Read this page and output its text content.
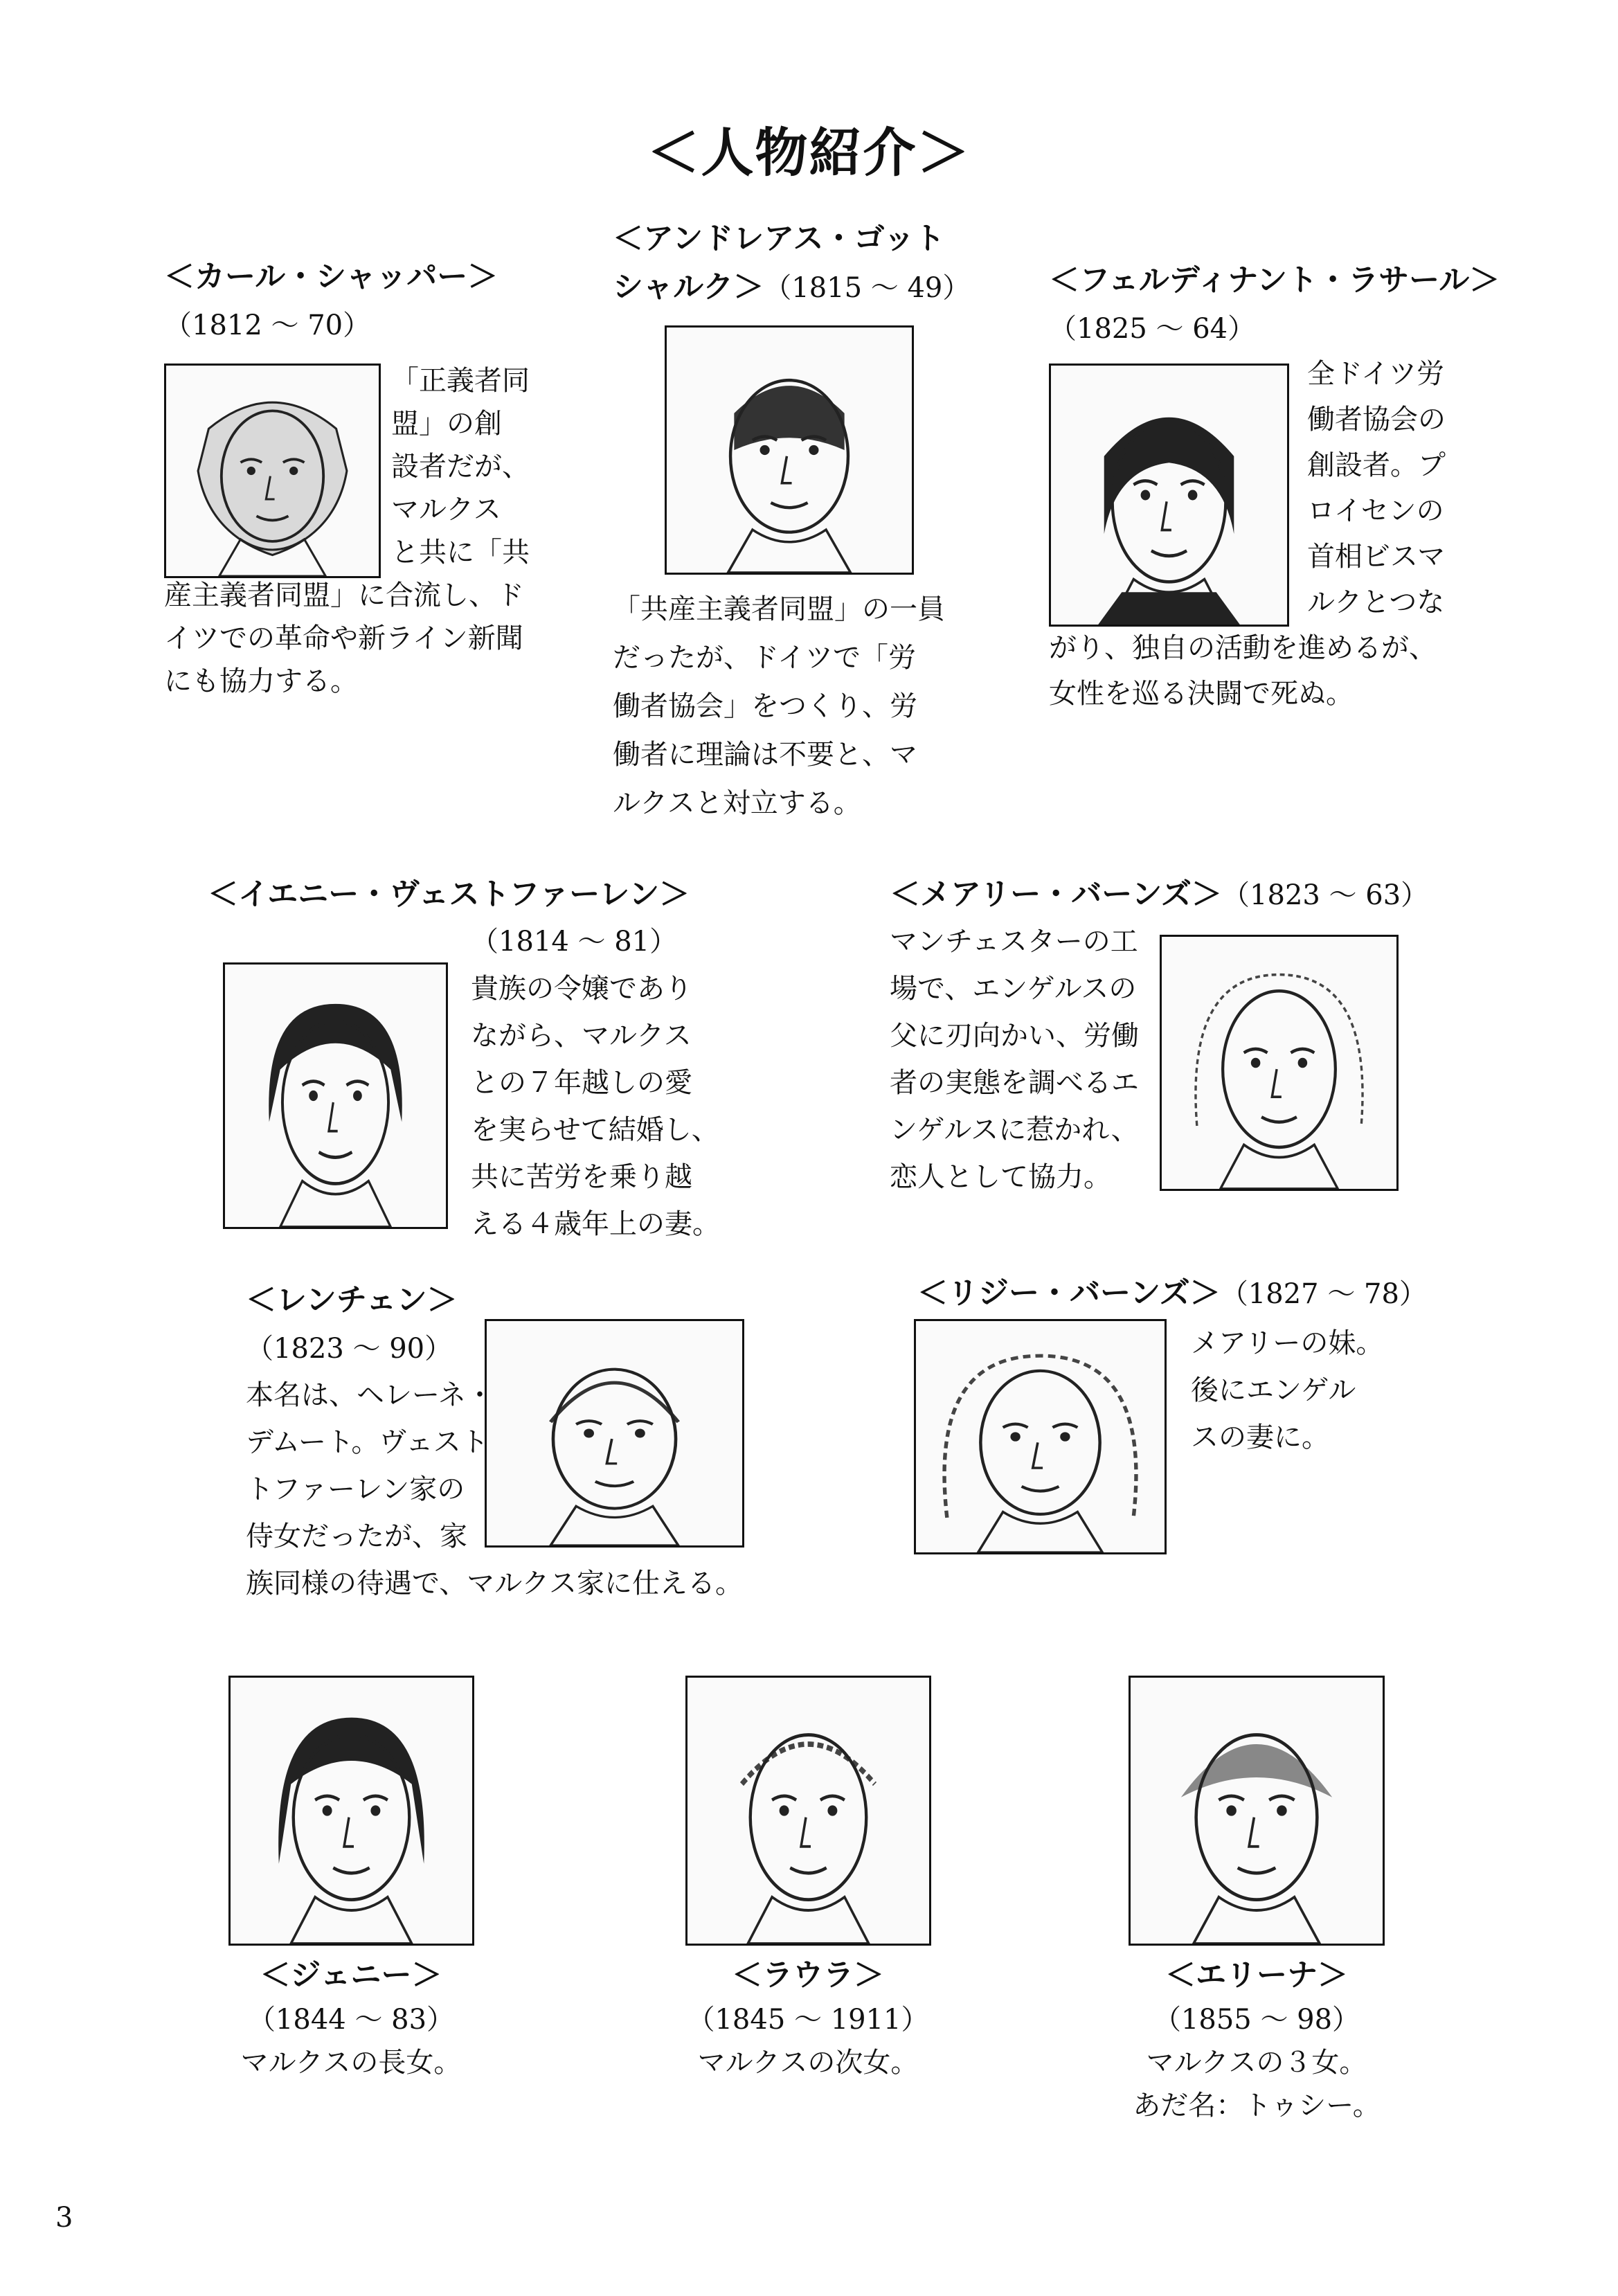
＜人物紹介＞
＜カール・シャッパー＞
（1812 ～ 70）
「正義者同
盟」の創
設者だが、
マルクス
と共に「共
産主義者同盟」に合流し、ド
イツでの革命や新ライン新聞
にも協力する。
＜アンドレアス・ゴット
シャルク＞（1815 ～ 49）
「共産主義者同盟」の一員
だったが、ドイツで「労
働者協会」をつくり、労
働者に理論は不要と、マ
ルクスと対立する。
＜フェルディナント・ラサール＞
（1825 ～ 64）
全ドイツ労
働者協会の
創設者。プ
ロイセンの
首相ビスマ
ルクとつな
がり、独自の活動を進めるが、
女性を巡る決闘で死ぬ。
＜イエニー・ヴェストファーレン＞
（1814 ～ 81）
貴族の令嬢であり
ながら、マルクス
との７年越しの愛
を実らせて結婚し、
共に苦労を乗り越
える４歳年上の妻。
＜メアリー・バーンズ＞（1823 ～ 63）
マンチェスターの工
場で、エンゲルスの
父に刃向かい、労働
者の実態を調べるエ
ンゲルスに惹かれ、
恋人として協力。
＜レンチェン＞
（1823 ～ 90）
本名は、ヘレーネ・
デムート。ヴェスト
トファーレン家の
侍女だったが、家
族同様の待遇で、マルクス家に仕える。
＜リジー・バーンズ＞（1827 ～ 78）
メアリーの妹。
後にエンゲル
スの妻に。
＜ジェニー＞
（1844 ～ 83）
マルクスの長女。
＜ラウラ＞
（1845 ～ 1911）
マルクスの次女。
＜エリーナ＞
（1855 ～ 98）
マルクスの３女。
あだ名：トゥシー。
3
